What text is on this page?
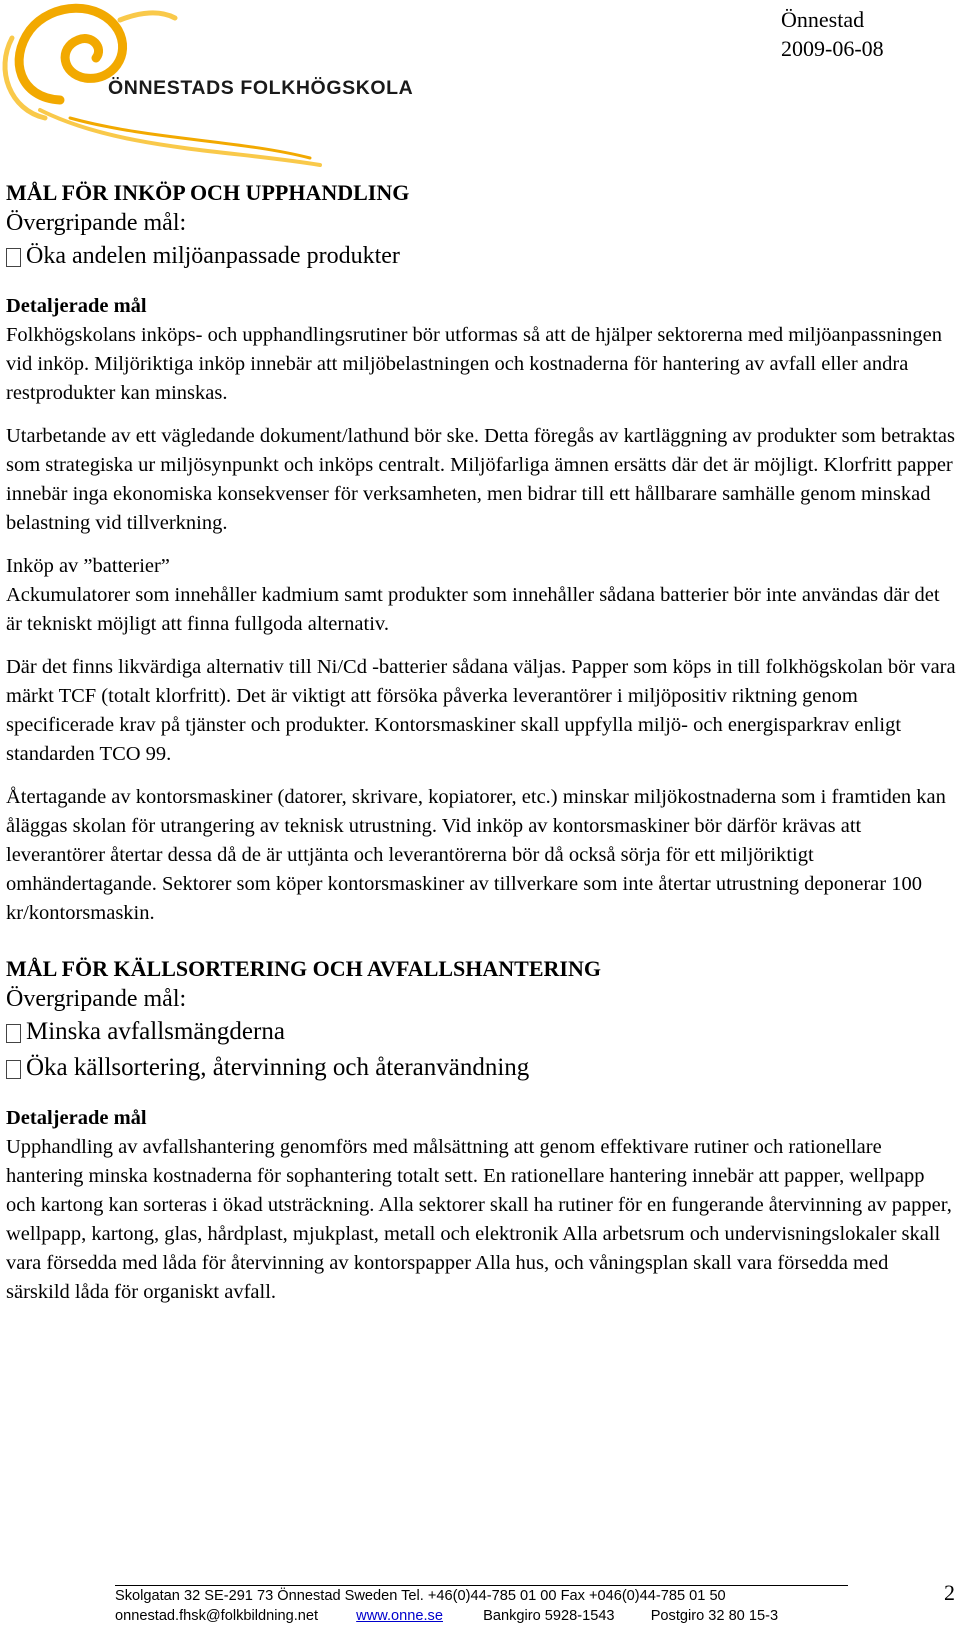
ÖNNESTADS FOLKHÖGSKOLA
Önnestad
2009-06-08

MÅL FÖR INKÖP OCH UPPHANDLING

Övergripande mål:

Öka andelen miljöanpassade produkter

Detaljerade mål

Folkhögskolans inköps- och upphandlingsrutiner bör utformas så att de hjälper sektorerna med miljöanpassningen vid inköp. Miljöriktiga inköp innebär att miljöbelastningen och kostnaderna för hantering av avfall eller andra restprodukter kan minskas.

Utarbetande av ett vägledande dokument/lathund bör ske. Detta föregås av kartläggning av produkter som betraktas som strategiska ur miljösynpunkt och inköps centralt. Miljöfarliga ämnen ersätts där det är möjligt. Klorfritt papper innebär inga ekonomiska konsekvenser för verksamheten, men bidrar till ett hållbarare samhälle genom minskad belastning vid tillverkning.

Inköp av ”batterier”
Ackumulatorer som innehåller kadmium samt produkter som innehåller sådana batterier bör inte användas där det är tekniskt möjligt att finna fullgoda alternativ.

Där det finns likvärdiga alternativ till Ni/Cd -batterier sådana väljas. Papper som köps in till folkhögskolan bör vara märkt TCF (totalt klorfritt). Det är viktigt att försöka påverka leverantörer i miljöpositiv riktning genom specificerade krav på tjänster och produkter. Kontorsmaskiner skall uppfylla miljö- och energisparkrav enligt standarden TCO 99.

Återtagande av kontorsmaskiner (datorer, skrivare, kopiatorer, etc.) minskar miljökostnaderna som i framtiden kan åläggas skolan för utrangering av teknisk utrustning. Vid inköp av kontorsmaskiner bör därför krävas att leverantörer återtar dessa då de är uttjänta och leverantörerna bör då också sörja för ett miljöriktigt omhändertagande. Sektorer som köper kontorsmaskiner av tillverkare som inte återtar utrustning deponerar 100 kr/kontorsmaskin.

MÅL FÖR KÄLLSORTERING OCH AVFALLSHANTERING

Övergripande mål:

Minska avfallsmängderna

Öka källsortering, återvinning och återanvändning

Detaljerade mål

Upphandling av avfallshantering genomförs med målsättning att genom effektivare rutiner och rationellare hantering minska kostnaderna för sophantering totalt sett. En rationellare hantering innebär att papper, wellpapp och kartong kan sorteras i ökad utsträckning. Alla sektorer skall ha rutiner för en fungerande återvinning av papper, wellpapp, kartong, glas, hårdplast, mjukplast, metall och elektronik Alla arbetsrum och undervisningslokaler skall vara försedda med låda för återvinning av kontorspapper Alla hus, och våningsplan skall vara försedda med särskild låda för organiskt avfall.

Skolgatan 32 SE-291 73 Önnestad Sweden Tel. +46(0)44-785 01 00 Fax +046(0)44-785 01 50
onnestad.fhsk@folkbildning.net	www.onne.se	Bankgiro 5928-1543 Postgiro 32 80 15-3
2
